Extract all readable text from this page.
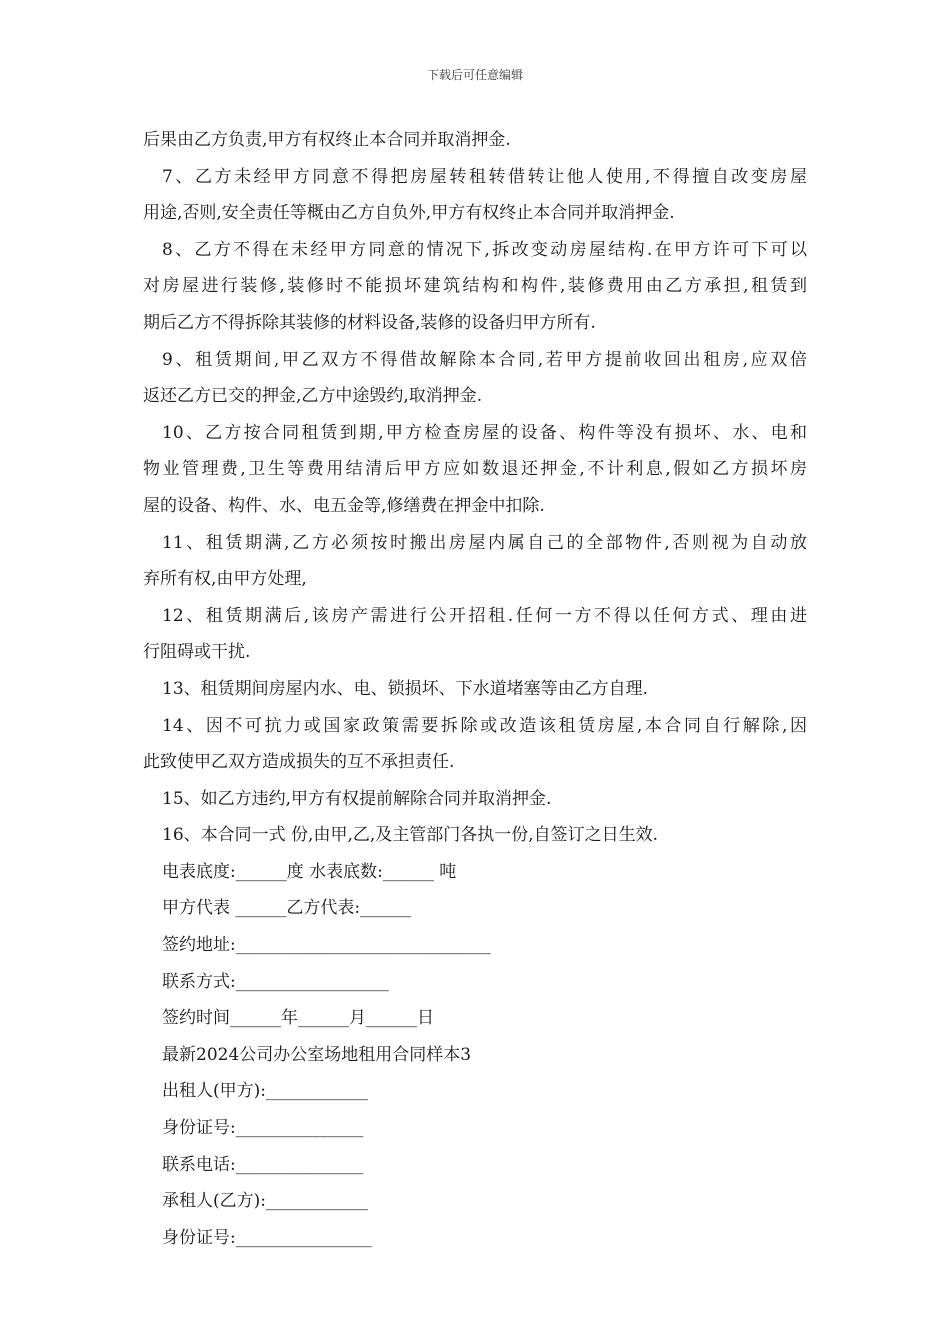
下载后可任意编辑
后果由乙方负责,甲方有权终止本合同并取消押金.
7、乙方未经甲方同意不得把房屋转租转借转让他人使用,不得擅自改变房屋
用途,否则,安全责任等概由乙方自负外,甲方有权终止本合同并取消押金.
8、乙方不得在未经甲方同意的情况下,拆改变动房屋结构.在甲方许可下可以
对房屋进行装修,装修时不能损坏建筑结构和构件,装修费用由乙方承担,租赁到
期后乙方不得拆除其装修的材料设备,装修的设备归甲方所有.
9、租赁期间,甲乙双方不得借故解除本合同,若甲方提前收回出租房,应双倍
返还乙方已交的押金,乙方中途毁约,取消押金.
10、乙方按合同租赁到期,甲方检查房屋的设备、构件等没有损坏、水、电和
物业管理费,卫生等费用结清后甲方应如数退还押金,不计利息,假如乙方损坏房
屋的设备、构件、水、电五金等,修缮费在押金中扣除.
11、租赁期满,乙方必须按时搬出房屋内属自己的全部物件,否则视为自动放
弃所有权,由甲方处理,
12、租赁期满后,该房产需进行公开招租.任何一方不得以任何方式、理由进
行阻碍或干扰.
13、租赁期间房屋内水、电、锁损坏、下水道堵塞等由乙方自理.
14、因不可抗力或国家政策需要拆除或改造该租赁房屋,本合同自行解除,因
此致使甲乙双方造成损失的互不承担责任.
15、如乙方违约,甲方有权提前解除合同并取消押金.
16、本合同一式 份,由甲,乙,及主管部门各执一份,自签订之日生效.
电表底度:______度 水表底数:______ 吨
甲方代表 ______乙方代表:______
签约地址:______________________________
联系方式:__________________
签约时间______年______月______日
最新2024公司办公室场地租用合同样本3
出租人(甲方):____________
身份证号:_______________
联系电话:_______________
承租人(乙方):____________
身份证号:________________
